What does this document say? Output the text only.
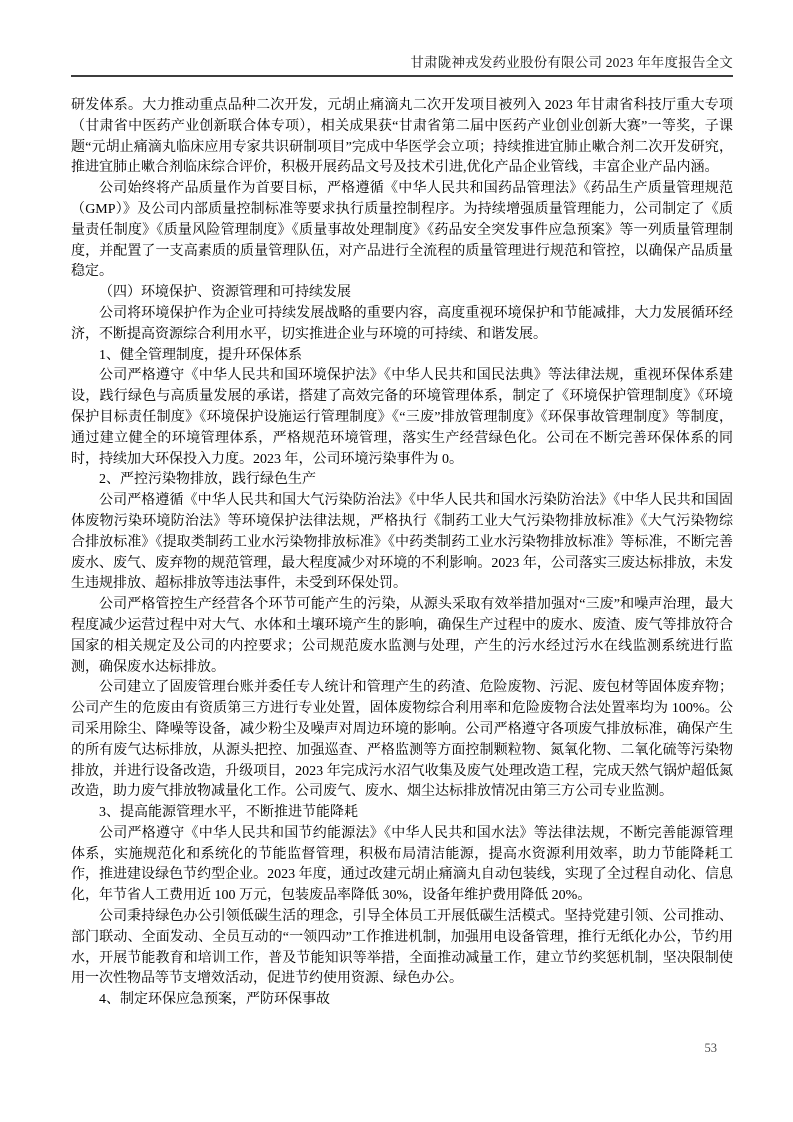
甘肃陇神戎发药业股份有限公司 2023 年年度报告全文

研发体系。大力推动重点品种二次开发，元胡止痛滴丸二次开发项目被列入 2023 年甘肃省科技厅重大专项（甘肃省中医药产业创新联合体专项），相关成果获“甘肃省第二届中医药产业创业创新大赛”一等奖，子课题“元胡止痛滴丸临床应用专家共识研制项目”完成中华医学会立项；持续推进宜肺止嗽合剂二次开发研究，推进宜肺止嗽合剂临床综合评价，积极开展药品文号及技术引进,优化产品企业管线，丰富企业产品内涵。

公司始终将产品质量作为首要目标，严格遵循《中华人民共和国药品管理法》《药品生产质量管理规范（GMP）》及公司内部质量控制标准等要求执行质量控制程序。为持续增强质量管理能力，公司制定了《质量责任制度》《质量风险管理制度》《质量事故处理制度》《药品安全突发事件应急预案》等一列质量管理制度，并配置了一支高素质的质量管理队伍，对产品进行全流程的质量管理进行规范和管控，以确保产品质量稳定。

（四）环境保护、资源管理和可持续发展

公司将环境保护作为企业可持续发展战略的重要内容，高度重视环境保护和节能减排，大力发展循环经济，不断提高资源综合利用水平，切实推进企业与环境的可持续、和谐发展。

1、健全管理制度，提升环保体系

公司严格遵守《中华人民共和国环境保护法》《中华人民共和国民法典》等法律法规，重视环保体系建设，践行绿色与高质量发展的承诺，搭建了高效完备的环境管理体系，制定了《环境保护管理制度》《环境保护目标责任制度》《环境保护设施运行管理制度》《“三废”排放管理制度》《环保事故管理制度》等制度，通过建立健全的环境管理体系，严格规范环境管理，落实生产经营绿色化。公司在不断完善环保体系的同时，持续加大环保投入力度。2023 年，公司环境污染事件为 0。

2、严控污染物排放，践行绿色生产

公司严格遵循《中华人民共和国大气污染防治法》《中华人民共和国水污染防治法》《中华人民共和国固体废物污染环境防治法》等环境保护法律法规，严格执行《制药工业大气污染物排放标准》《大气污染物综合排放标准》《提取类制药工业水污染物排放标准》《中药类制药工业水污染物排放标准》等标准，不断完善废水、废气、废弃物的规范管理，最大程度减少对环境的不利影响。2023 年，公司落实三废达标排放，未发生违规排放、超标排放等违法事件，未受到环保处罚。

公司严格管控生产经营各个环节可能产生的污染，从源头采取有效举措加强对“三废”和噪声治理，最大程度减少运营过程中对大气、水体和土壤环境产生的影响，确保生产过程中的废水、废渣、废气等排放符合国家的相关规定及公司的内控要求；公司规范废水监测与处理，产生的污水经过污水在线监测系统进行监测，确保废水达标排放。

公司建立了固废管理台账并委任专人统计和管理产生的药渣、危险废物、污泥、废包材等固体废弃物；公司产生的危废由有资质第三方进行专业处置，固体废物综合利用率和危险废物合法处置率均为 100%。公司采用除尘、降噪等设备，减少粉尘及噪声对周边环境的影响。公司严格遵守各项废气排放标准，确保产生的所有废气达标排放，从源头把控、加强巡查、严格监测等方面控制颗粒物、氮氧化物、二氧化硫等污染物排放，并进行设备改造，升级项目，2023 年完成污水沼气收集及废气处理改造工程，完成天然气锅炉超低氮改造，助力废气排放物减量化工作。公司废气、废水、烟尘达标排放情况由第三方公司专业监测。

3、提高能源管理水平，不断推进节能降耗

公司严格遵守《中华人民共和国节约能源法》《中华人民共和国水法》等法律法规，不断完善能源管理体系，实施规范化和系统化的节能监督管理，积极布局清洁能源，提高水资源利用效率，助力节能降耗工作，推进建设绿色节约型企业。2023 年度，通过改建元胡止痛滴丸自动包装线，实现了全过程自动化、信息化，年节省人工费用近 100 万元，包装废品率降低 30%，设备年维护费用降低 20%。

公司秉持绿色办公引领低碳生活的理念，引导全体员工开展低碳生活模式。坚持党建引领、公司推动、部门联动、全面发动、全员互动的“一领四动”工作推进机制，加强用电设备管理，推行无纸化办公，节约用水，开展节能教育和培训工作，普及节能知识等举措，全面推动减量工作，建立节约奖惩机制，坚决限制使用一次性物品等节支增效活动，促进节约使用资源、绿色办公。

4、制定环保应急预案，严防环保事故
53
